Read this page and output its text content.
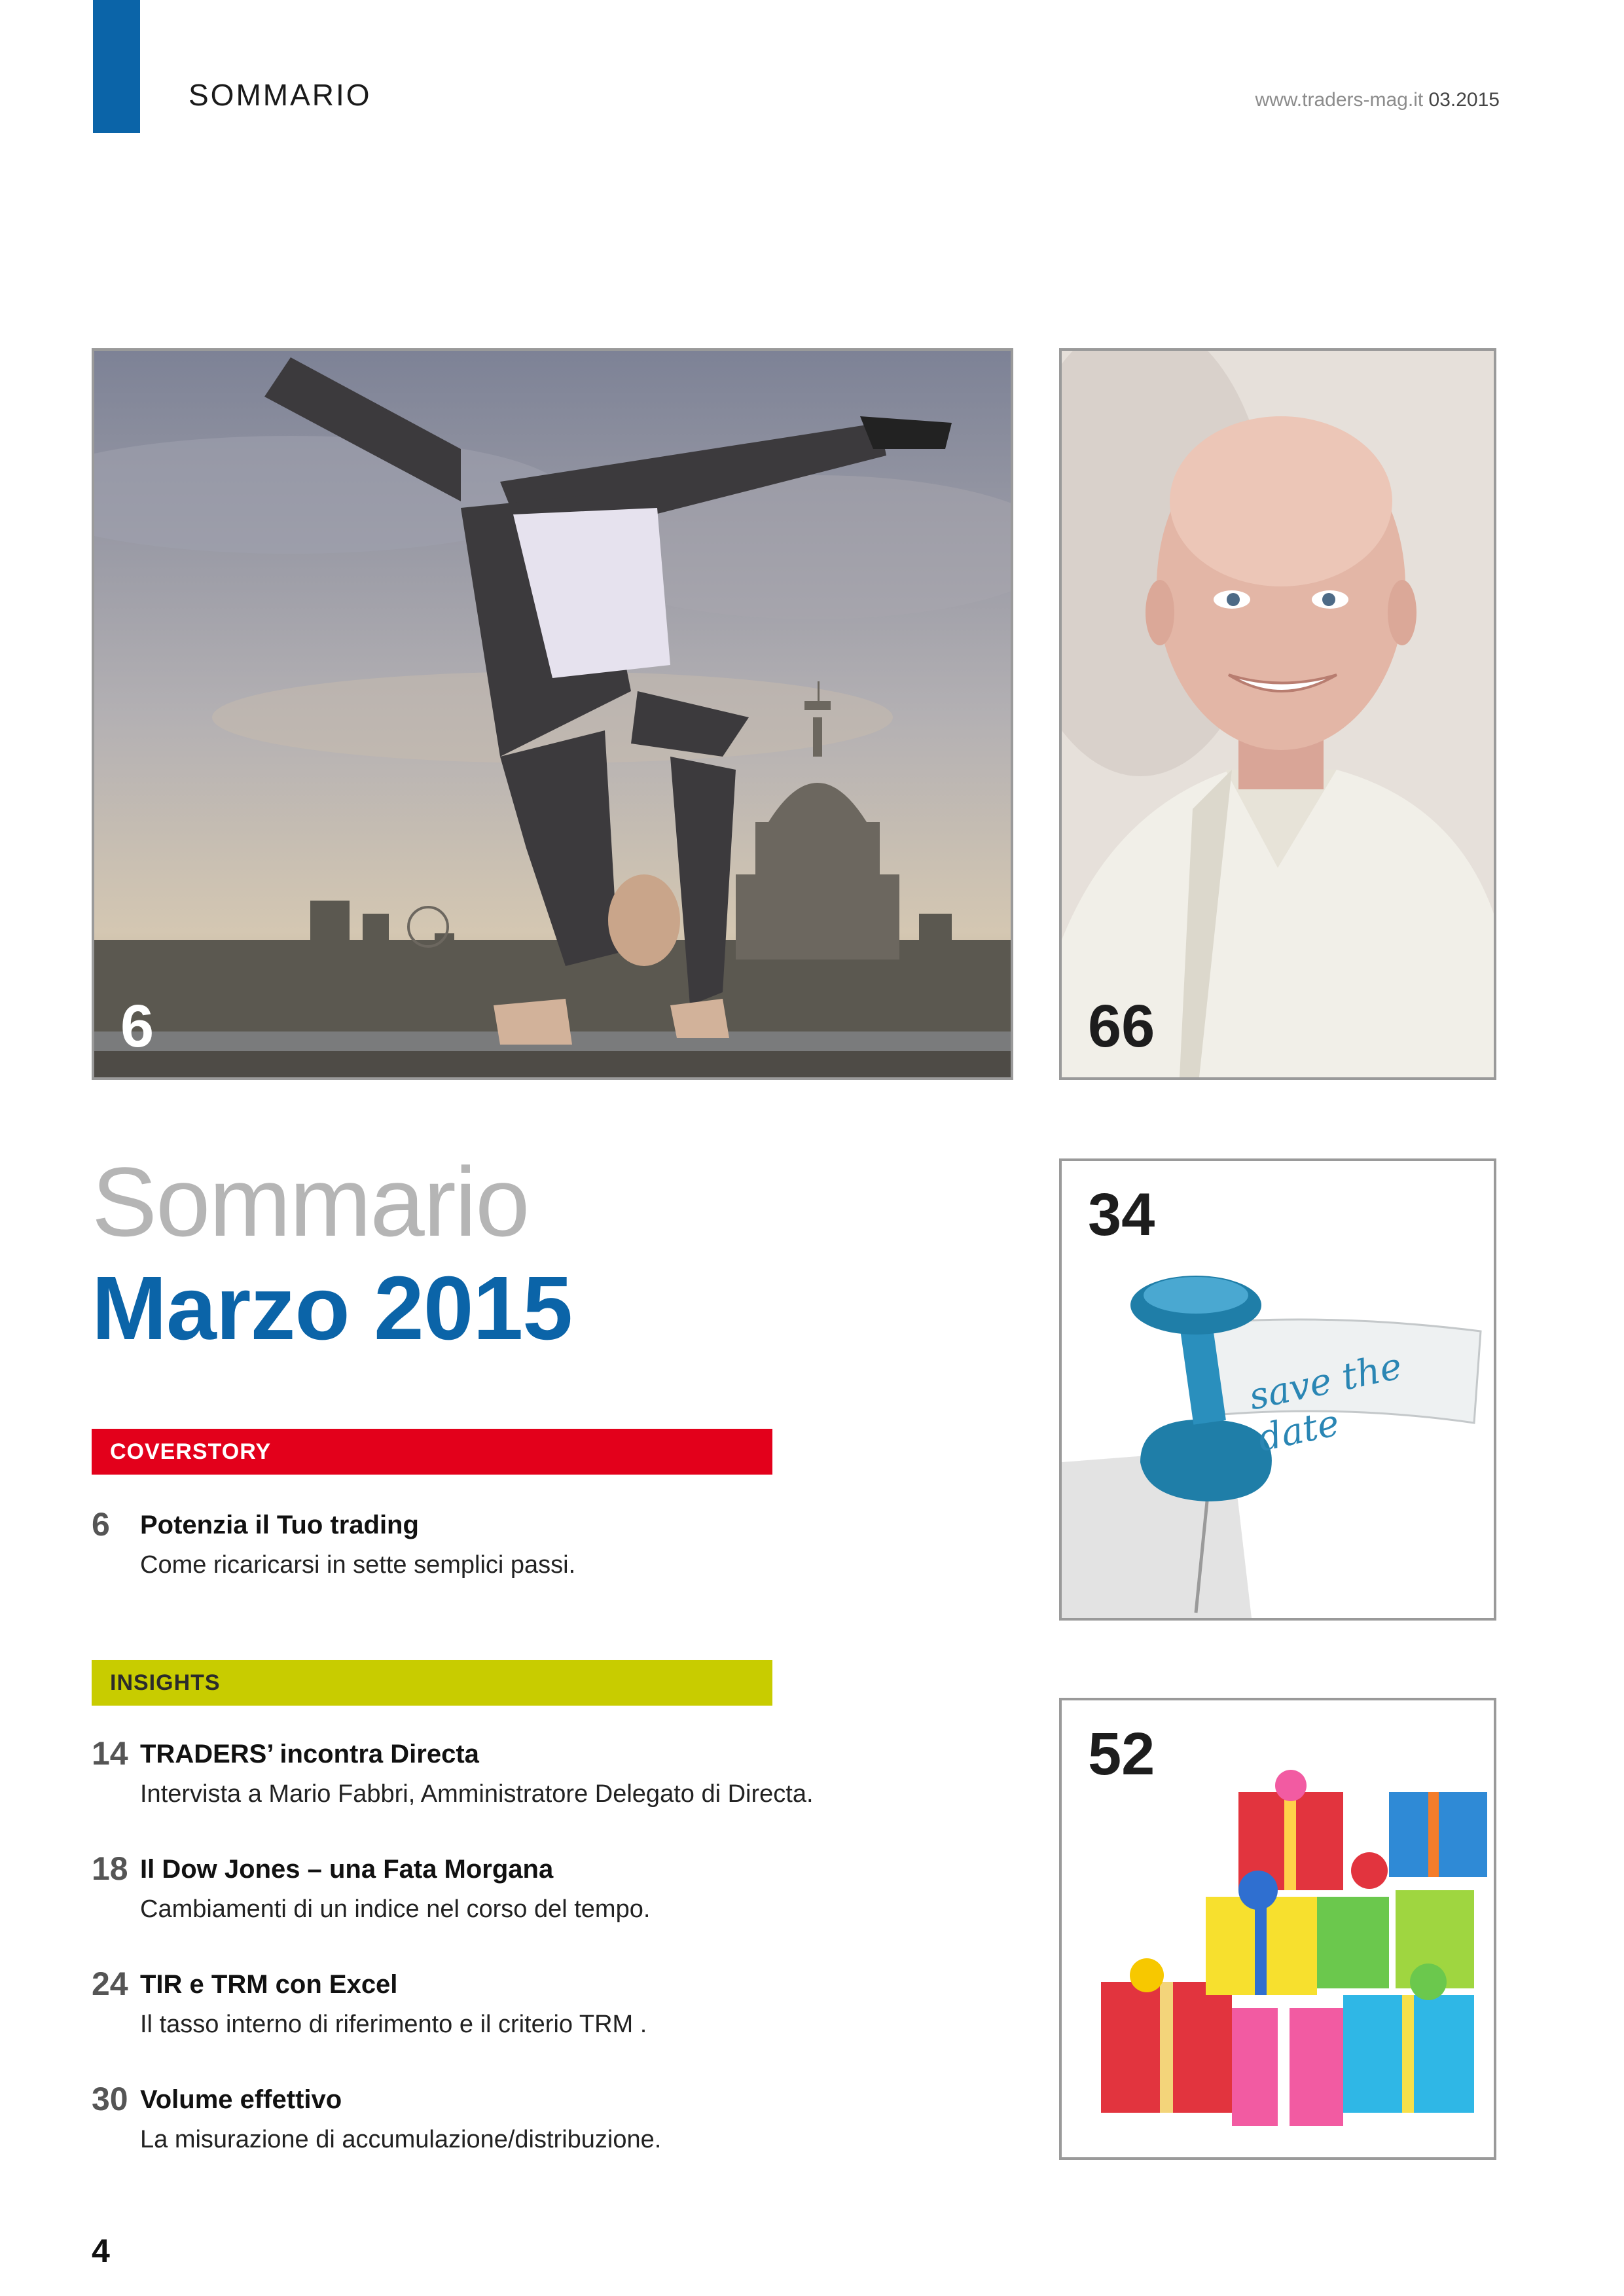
SOMMARIO	www.traders-mag.it 03.2015
6	66
Sommario
Marzo 2015
COVERSTORY
6 Potenzia il Tuo trading
Come ricaricarsi in sette semplici passi.
INSIGHTS
14 TRADERS’ incontra Directa
Intervista a Mario Fabbri, Amministratore Delegato di Directa.
18 Il Dow Jones – una Fata Morgana
Cambiamenti di un indice nel corso del tempo.
24 TIR e TRM con Excel
Il tasso interno di riferimento e il criterio TRM .
30 Volume effettivo
La misurazione di accumulazione/distribuzione.
34
save the date
52
4
